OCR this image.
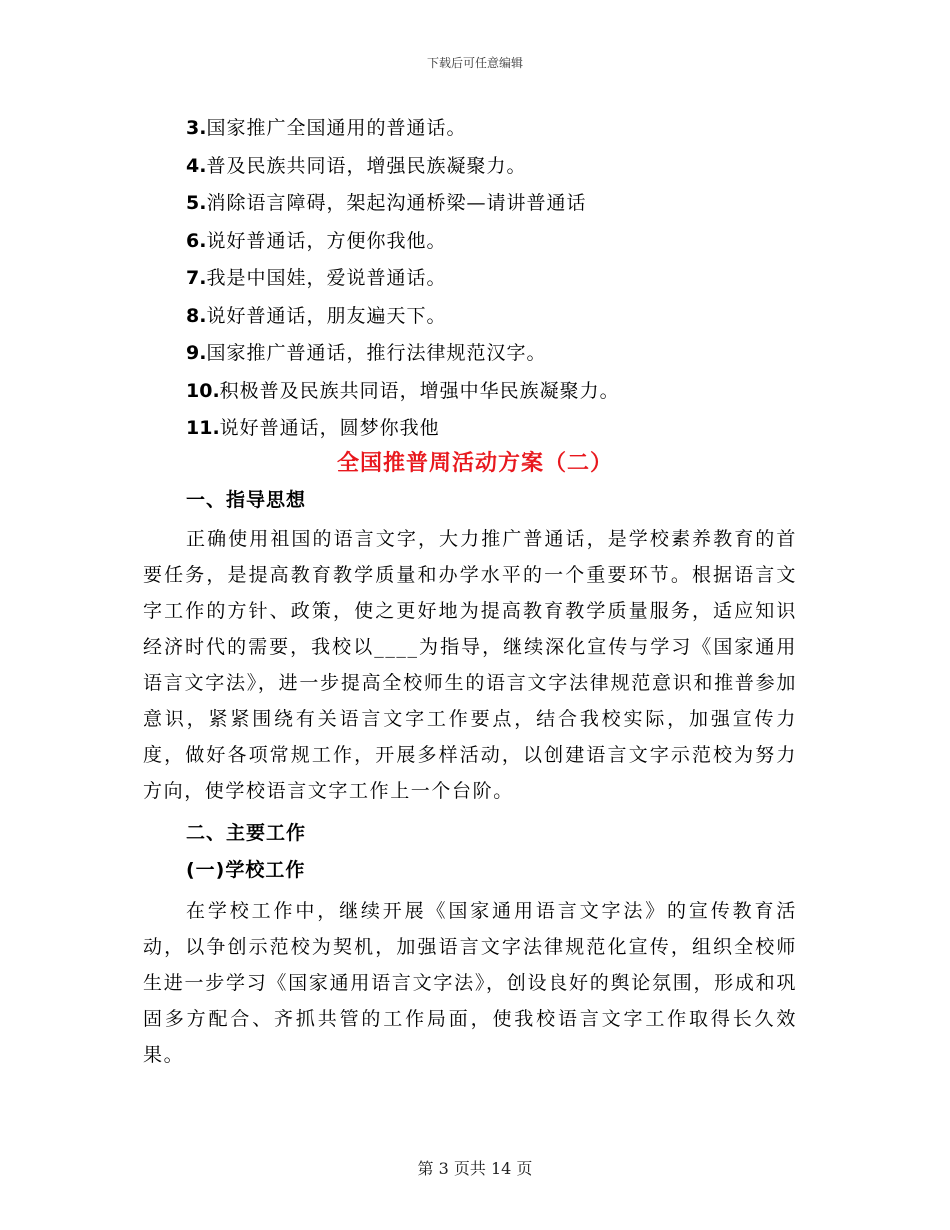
下载后可任意编辑
3.国家推广全国通用的普通话。
4.普及民族共同语，增强民族凝聚力。
5.消除语言障碍，架起沟通桥梁—请讲普通话
6.说好普通话，方便你我他。
7.我是中国娃，爱说普通话。
8.说好普通话，朋友遍天下。
9.国家推广普通话，推行法律规范汉字。
10.积极普及民族共同语，增强中华民族凝聚力。
11.说好普通话，圆梦你我他
全国推普周活动方案（二）
一、指导思想
正确使用祖国的语言文字，大力推广普通话，是学校素养教育的首要任务，是提高教育教学质量和办学水平的一个重要环节。根据语言文字工作的方针、政策，使之更好地为提高教育教学质量服务，适应知识经济时代的需要，我校以____为指导，继续深化宣传与学习《国家通用语言文字法》，进一步提高全校师生的语言文字法律规范意识和推普参加意识，紧紧围绕有关语言文字工作要点，结合我校实际，加强宣传力度，做好各项常规工作，开展多样活动，以创建语言文字示范校为努力方向，使学校语言文字工作上一个台阶。
二、主要工作
(一)学校工作
在学校工作中，继续开展《国家通用语言文字法》的宣传教育活动，以争创示范校为契机，加强语言文字法律规范化宣传，组织全校师生进一步学习《国家通用语言文字法》，创设良好的舆论氛围，形成和巩固多方配合、齐抓共管的工作局面，使我校语言文字工作取得长久效果。
第 3 页共 14 页
